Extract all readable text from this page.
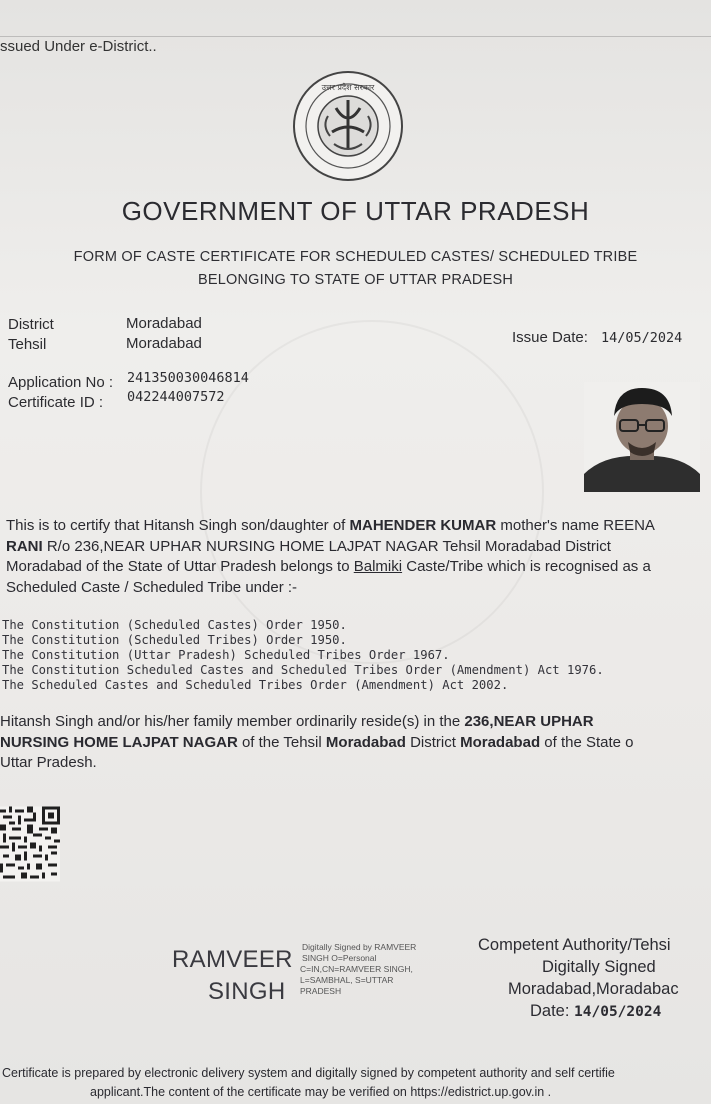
ssued Under e-District..
उत्तर प्रदेश सरकार
GOVERNMENT OF UTTAR PRADESH
FORM OF CASTE CERTIFICATE FOR SCHEDULED CASTES/ SCHEDULED TRIBE
BELONGING TO STATE OF UTTAR PRADESH
District	Moradabad
Tehsil	Moradabad	Issue Date: 14/05/2024
Application No : 241350030046814
Certificate ID : 042244007572
This is to certify that Hitansh Singh son/daughter of MAHENDER KUMAR mother's name REENA
RANI R/o 236,NEAR UPHAR NURSING HOME LAJPAT NAGAR Tehsil Moradabad District
Moradabad of the State of Uttar Pradesh belongs to Balmiki Caste/Tribe which is recognised as a
Scheduled Caste / Scheduled Tribe under :-
The Constitution (Scheduled Castes) Order 1950.
The Constitution (Scheduled Tribes) Order 1950.
The Constitution (Uttar Pradesh) Scheduled Tribes Order 1967.
The Constitution Scheduled Castes and Scheduled Tribes Order (Amendment) Act 1976.
The Scheduled Castes and Scheduled Tribes Order (Amendment) Act 2002.
Hitansh Singh and/or his/her family member ordinarily reside(s) in the 236,NEAR UPHAR
NURSING HOME LAJPAT NAGAR of the Tehsil Moradabad District Moradabad of the State o
Uttar Pradesh.
RAMVEER
SINGH
Digitally Signed by RAMVEER
SINGH O=Personal
C=IN,CN=RAMVEER SINGH,
L=SAMBHAL, S=UTTAR
PRADESH
Competent Authority/Tehsi
Digitally Signed
Moradabad,Moradabac
Date: 14/05/2024
Certificate is prepared by electronic delivery system and digitally signed by competent authority and self certifie
applicant.The content of the certificate may be verified on https://edistrict.up.gov.in .
